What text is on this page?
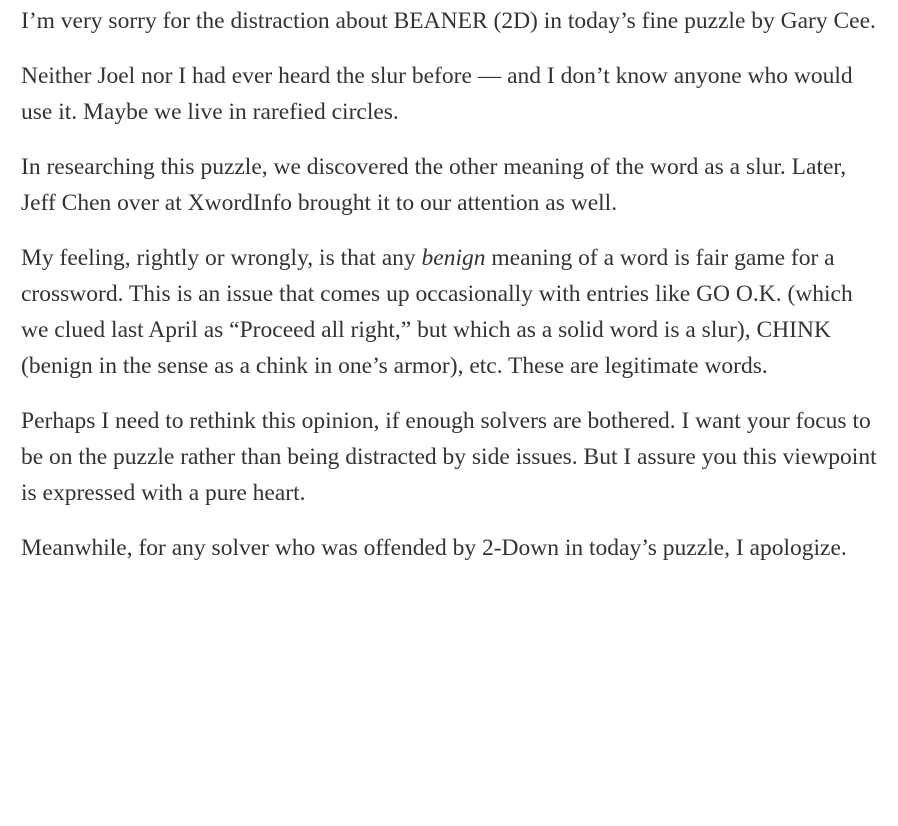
I’m very sorry for the distraction about BEANER (2D) in today’s fine puzzle by Gary Cee.

Neither Joel nor I had ever heard the slur before — and I don’t know anyone who would use it. Maybe we live in rarefied circles.

In researching this puzzle, we discovered the other meaning of the word as a slur. Later, Jeff Chen over at XwordInfo brought it to our attention as well.

My feeling, rightly or wrongly, is that any benign meaning of a word is fair game for a crossword. This is an issue that comes up occasionally with entries like GO O.K. (which we clued last April as “Proceed all right,” but which as a solid word is a slur), CHINK (benign in the sense as a chink in one’s armor), etc. These are legitimate words.

Perhaps I need to rethink this opinion, if enough solvers are bothered. I want your focus to be on the puzzle rather than being distracted by side issues. But I assure you this viewpoint is expressed with a pure heart.

Meanwhile, for any solver who was offended by 2-Down in today’s puzzle, I apologize.
